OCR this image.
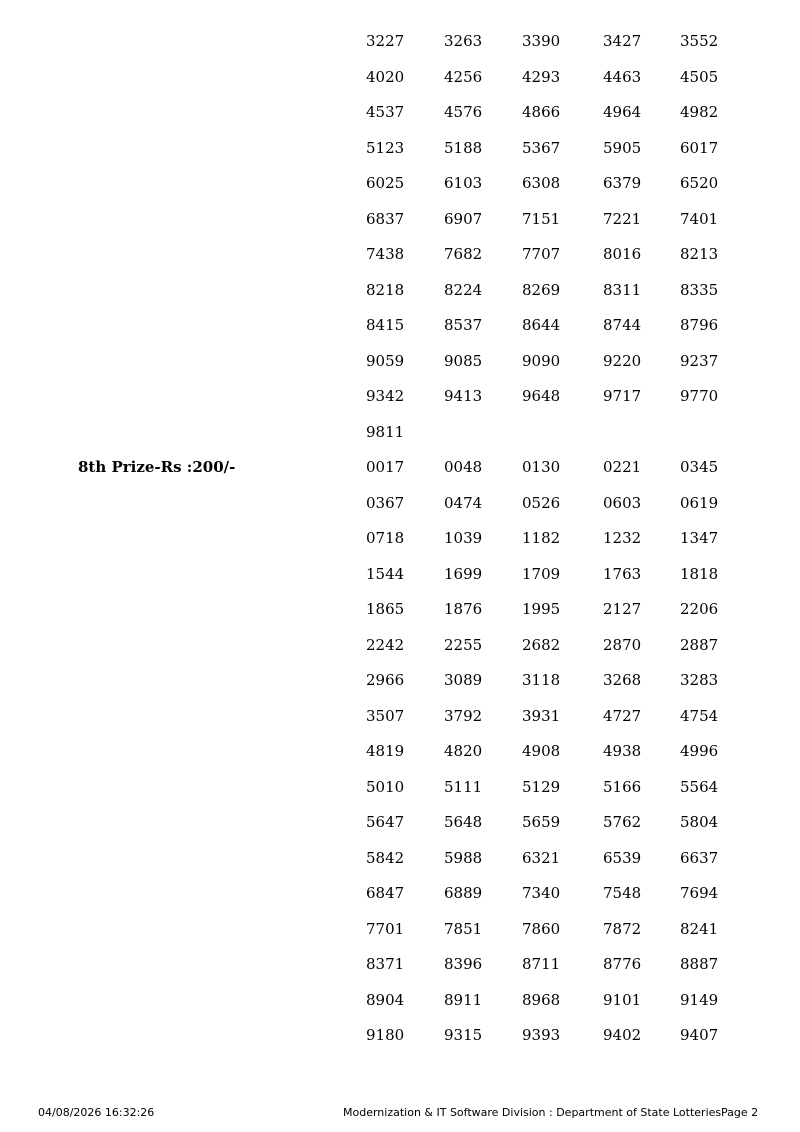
3227	3263	3390	3427	3552
4020	4256	4293	4463	4505
4537	4576	4866	4964	4982
5123	5188	5367	5905	6017
6025	6103	6308	6379	6520
6837	6907	7151	7221	7401
7438	7682	7707	8016	8213
8218	8224	8269	8311	8335
8415	8537	8644	8744	8796
9059	9085	9090	9220	9237
9342	9413	9648	9717	9770
9811
8th Prize-Rs :200/-	0017	0048	0130	0221	0345
0367	0474	0526	0603	0619
0718	1039	1182	1232	1347
1544	1699	1709	1763	1818
1865	1876	1995	2127	2206
2242	2255	2682	2870	2887
2966	3089	3118	3268	3283
3507	3792	3931	4727	4754
4819	4820	4908	4938	4996
5010	5111	5129	5166	5564
5647	5648	5659	5762	5804
5842	5988	6321	6539	6637
6847	6889	7340	7548	7694
7701	7851	7860	7872	8241
8371	8396	8711	8776	8887
8904	8911	8968	9101	9149
9180	9315	9393	9402	9407
04/08/2026 16:32:26	Modernization & IT Software Division : Department of State Lotteries Page 2
